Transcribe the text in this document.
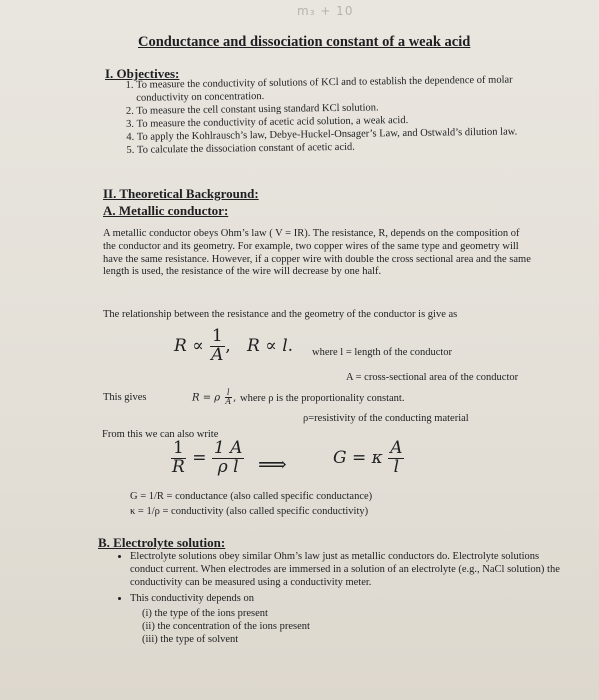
m₃ + 10
Conductance and dissociation constant of a weak acid
I. Objectives:
1. To measure the conductivity of solutions of KCl and to establish the dependence of molar conductivity on concentration.
2. To measure the cell constant using standard KCl solution.
3. To measure the conductivity of acetic acid solution, a weak acid.
4. To apply the Kohlrausch’s law, Debye-Huckel-Onsager’s Law, and Ostwald’s dilution law.
5. To calculate the dissociation constant of acetic acid.
II. Theoretical Background:
A. Metallic conductor:

A metallic conductor obeys Ohm’s law ( V = IR). The resistance, R, depends on the composition of the conductor and its geometry. For example, two copper wires of the same type and geometry will have the same resistance. However, if a copper wire with double the cross sectional area and the same length is used, the resistance of the wire will decrease by one half.

The relationship between the resistance and the geometry of the conductor is give as

$R \propto \frac{1}{A}$ , R ∝ l. where l = length of the conductor
A = cross-sectional area of the conductor
This gives	R = ρ $\frac{l}{A}$ , where ρ is the proportionality constant.
ρ=resistivity of the conducting material
From this we can also write
$\frac{1}{R} = \frac{1 A}{\text{ρ l}}$ ⟹	G = κ $\frac{A}{l}$
G = 1/R = conductance (also called specific conductance)
κ = 1/ρ = conductivity (also called specific conductivity)
B. Electrolyte solution:
• Electrolyte solutions obey similar Ohm’s law just as metallic conductors do. Electrolyte solutions conduct current. When electrodes are immersed in a solution of an electrolyte (e.g., NaCl solution) the conductivity can be measured using a conductivity meter.
• This conductivity depends on
(i) the type of the ions present
(ii) the concentration of the ions present
(iii) the type of solvent
